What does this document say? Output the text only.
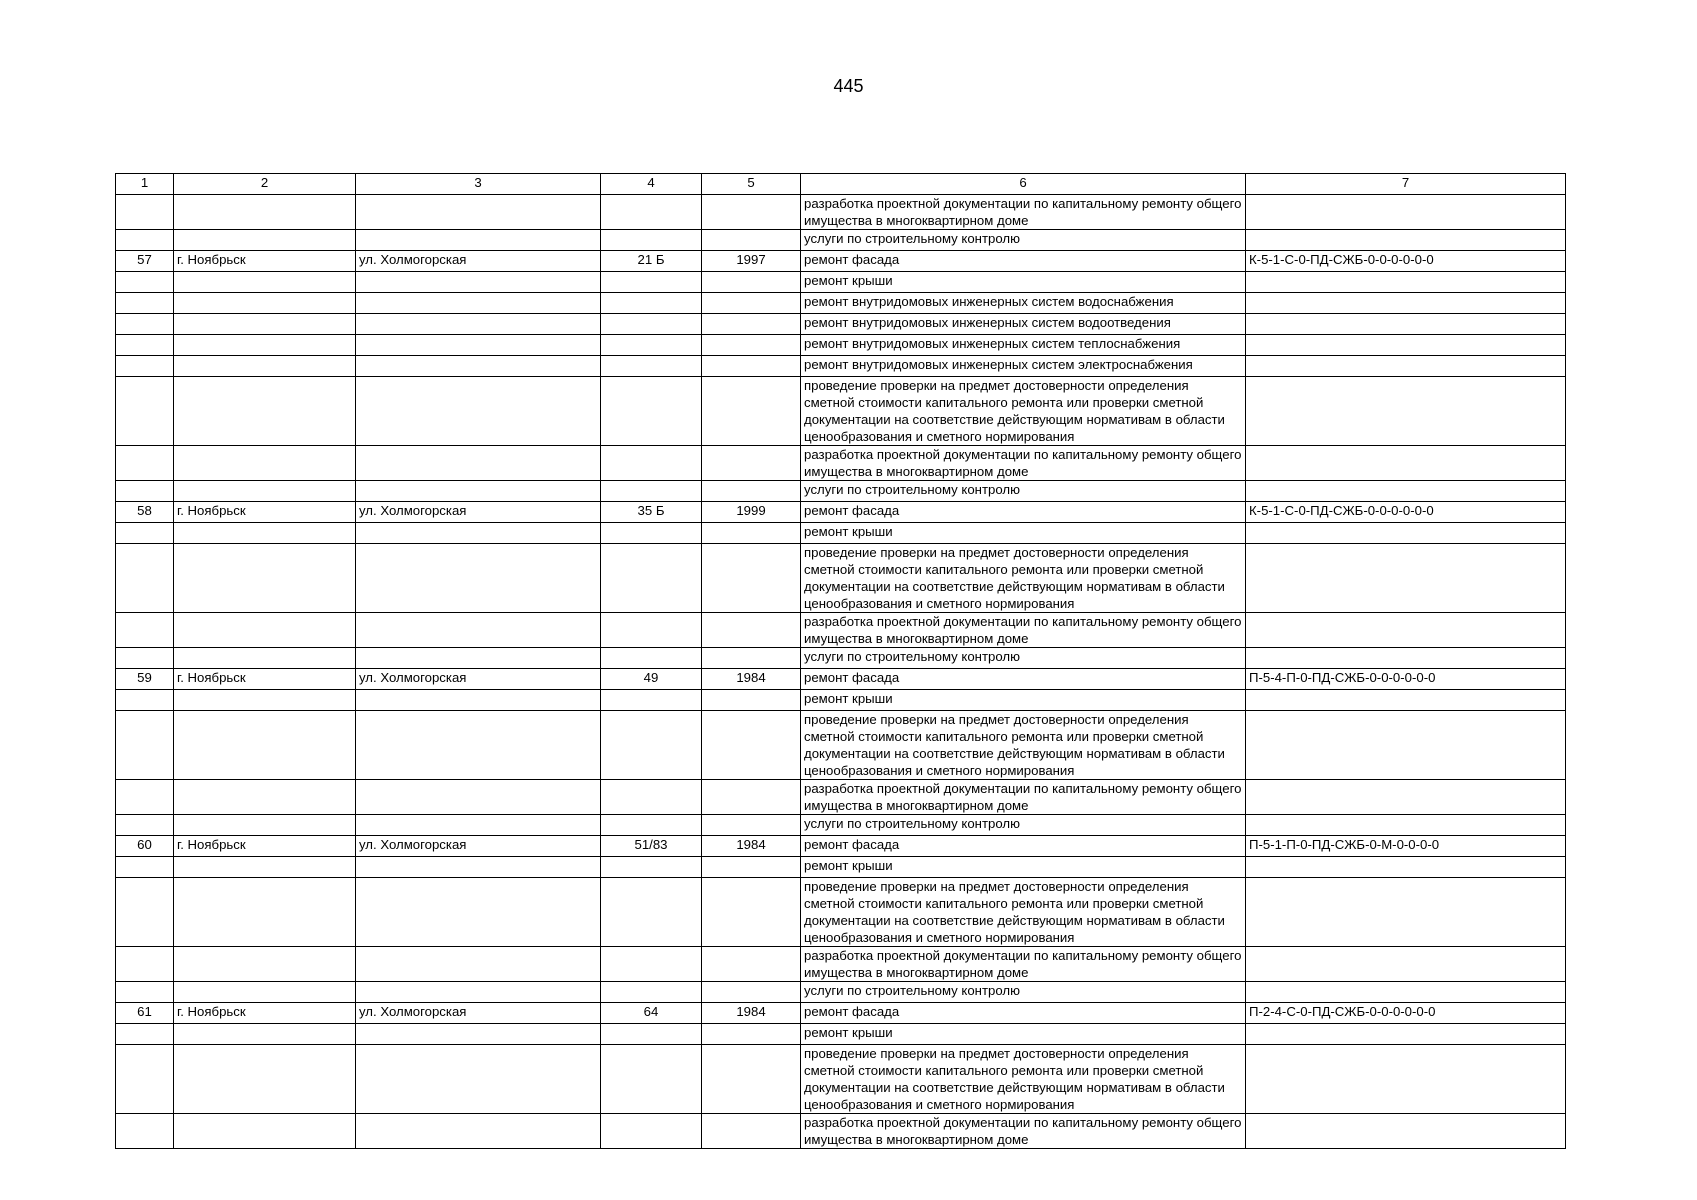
445
1	2	3	4	5	6	7
					разработка проектной документации по капитальному ремонту общего имущества в многоквартирном доме	
					услуги по строительному контролю	
57	г. Ноябрьск	ул. Холмогорская	21 Б	1997	ремонт фасада	К-5-1-С-0-ПД-СЖБ-0-0-0-0-0-0
					ремонт крыши	
					ремонт внутридомовых инженерных систем водоснабжения	
					ремонт внутридомовых инженерных систем водоотведения	
					ремонт внутридомовых инженерных систем теплоснабжения	
					ремонт внутридомовых инженерных систем электроснабжения	
					проведение проверки на предмет достоверности определения сметной стоимости капитального ремонта или проверки сметной документации на соответствие действующим нормативам в области ценообразования и сметного нормирования	
					разработка проектной документации по капитальному ремонту общего имущества в многоквартирном доме	
					услуги по строительному контролю	
58	г. Ноябрьск	ул. Холмогорская	35 Б	1999	ремонт фасада	К-5-1-С-0-ПД-СЖБ-0-0-0-0-0-0
					ремонт крыши	
					проведение проверки на предмет достоверности определения сметной стоимости капитального ремонта или проверки сметной документации на соответствие действующим нормативам в области ценообразования и сметного нормирования	
					разработка проектной документации по капитальному ремонту общего имущества в многоквартирном доме	
					услуги по строительному контролю	
59	г. Ноябрьск	ул. Холмогорская	49	1984	ремонт фасада	П-5-4-П-0-ПД-СЖБ-0-0-0-0-0-0
					ремонт крыши	
					проведение проверки на предмет достоверности определения сметной стоимости капитального ремонта или проверки сметной документации на соответствие действующим нормативам в области ценообразования и сметного нормирования	
					разработка проектной документации по капитальному ремонту общего имущества в многоквартирном доме	
					услуги по строительному контролю	
60	г. Ноябрьск	ул. Холмогорская	51/83	1984	ремонт фасада	П-5-1-П-0-ПД-СЖБ-0-М-0-0-0-0
					ремонт крыши	
					проведение проверки на предмет достоверности определения сметной стоимости капитального ремонта или проверки сметной документации на соответствие действующим нормативам в области ценообразования и сметного нормирования	
					разработка проектной документации по капитальному ремонту общего имущества в многоквартирном доме	
					услуги по строительному контролю	
61	г. Ноябрьск	ул. Холмогорская	64	1984	ремонт фасада	П-2-4-С-0-ПД-СЖБ-0-0-0-0-0-0
					ремонт крыши	
					проведение проверки на предмет достоверности определения сметной стоимости капитального ремонта или проверки сметной документации на соответствие действующим нормативам в области ценообразования и сметного нормирования	
					разработка проектной документации по капитальному ремонту общего имущества в многоквартирном доме	
